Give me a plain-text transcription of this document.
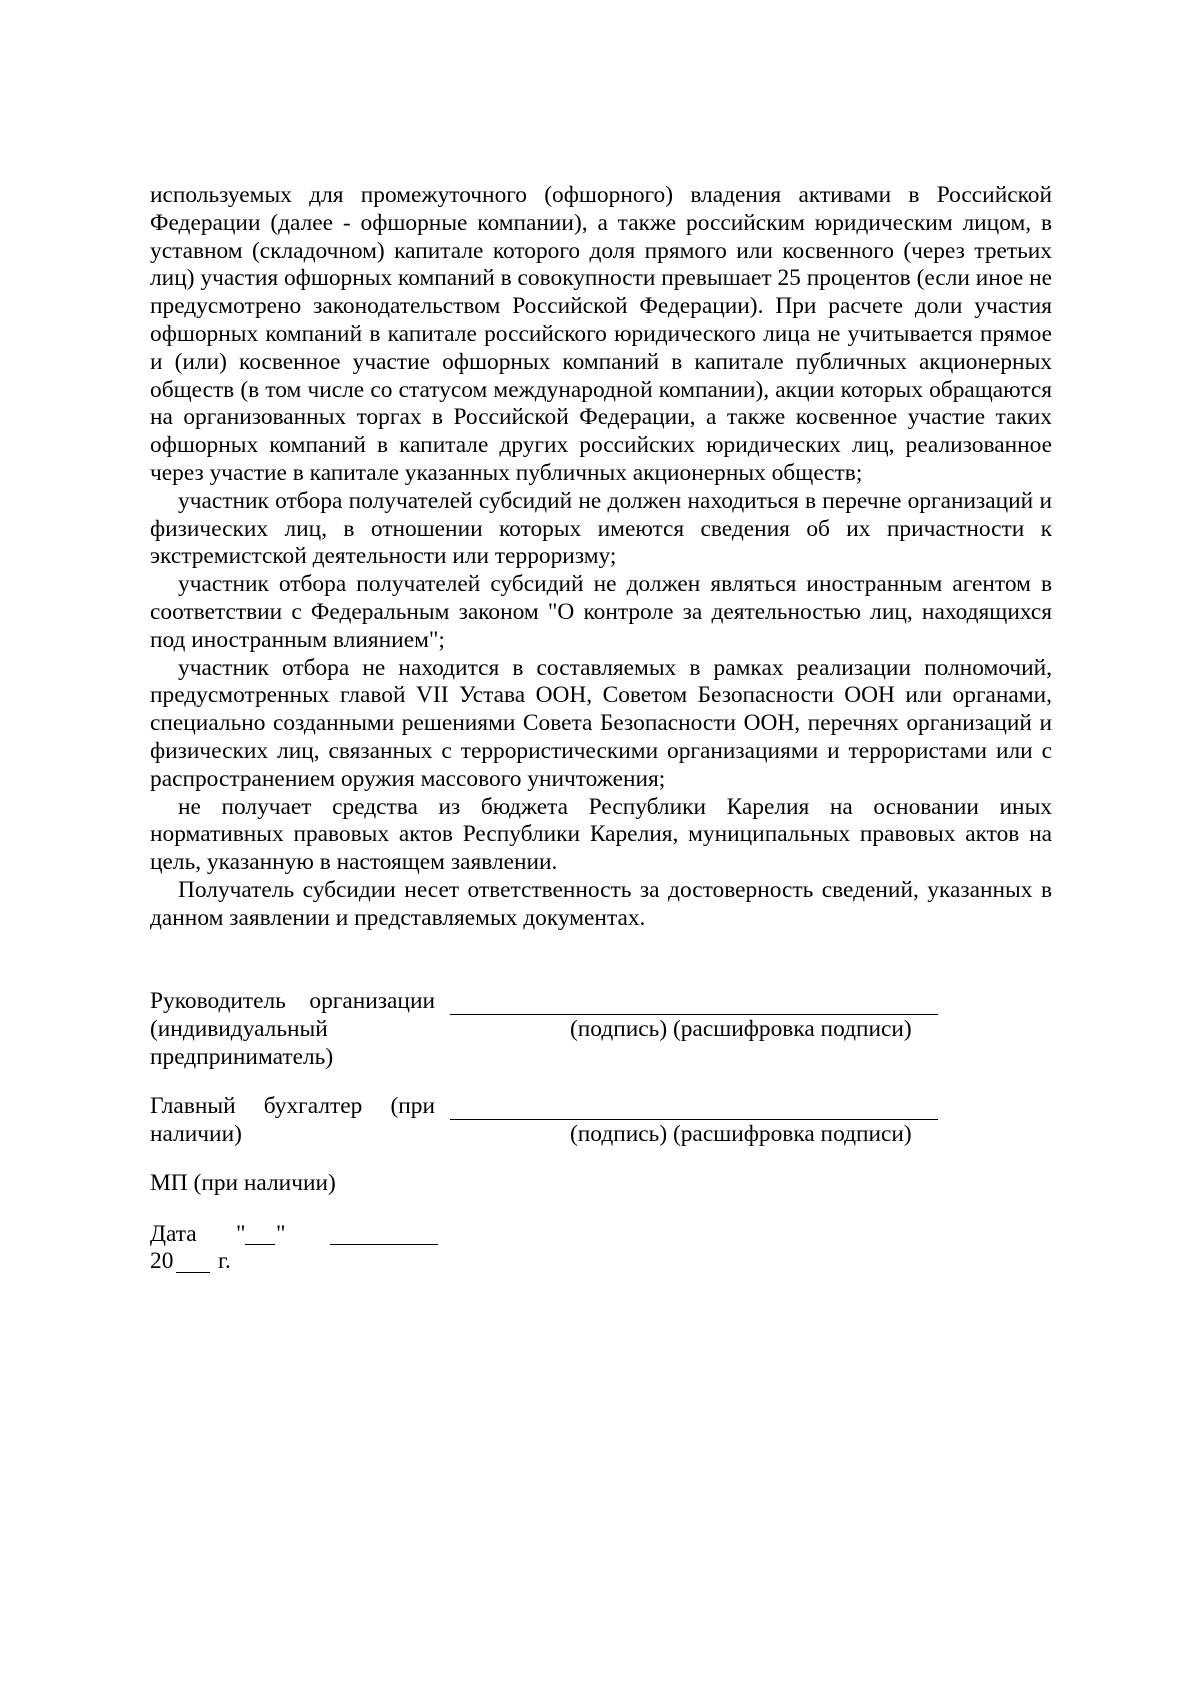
используемых для промежуточного (офшорного) владения активами в Российской Федерации (далее - офшорные компании), а также российским юридическим лицом, в уставном (складочном) капитале которого доля прямого или косвенного (через третьих лиц) участия офшорных компаний в совокупности превышает 25 процентов (если иное не предусмотрено законодательством Российской Федерации). При расчете доли участия офшорных компаний в капитале российского юридического лица не учитывается прямое и (или) косвенное участие офшорных компаний в капитале публичных акционерных обществ (в том числе со статусом международной компании), акции которых обращаются на организованных торгах в Российской Федерации, а также косвенное участие таких офшорных компаний в капитале других российских юридических лиц, реализованное через участие в капитале указанных публичных акционерных обществ;

участник отбора получателей субсидий не должен находиться в перечне организаций и физических лиц, в отношении которых имеются сведения об их причастности к экстремистской деятельности или терроризму;

участник отбора получателей субсидий не должен являться иностранным агентом в соответствии с Федеральным законом "О контроле за деятельностью лиц, находящихся под иностранным влиянием";

участник отбора не находится в составляемых в рамках реализации полномочий, предусмотренных главой VII Устава ООН, Советом Безопасности ООН или органами, специально созданными решениями Совета Безопасности ООН, перечнях организаций и физических лиц, связанных с террористическими организациями и террористами или с распространением оружия массового уничтожения;

не получает средства из бюджета Республики Карелия на основании иных нормативных правовых актов Республики Карелия, муниципальных правовых актов на цель, указанную в настоящем заявлении.

Получатель субсидии несет ответственность за достоверность сведений, указанных в данном заявлении и представляемых документах.

Руководитель организации (индивидуальный предприниматель)
(подпись) (расшифровка подписи)
Главный бухгалтер (при наличии)	(подпись) (расшифровка подписи)
МП (при наличии)
Дата " "
20 г.
